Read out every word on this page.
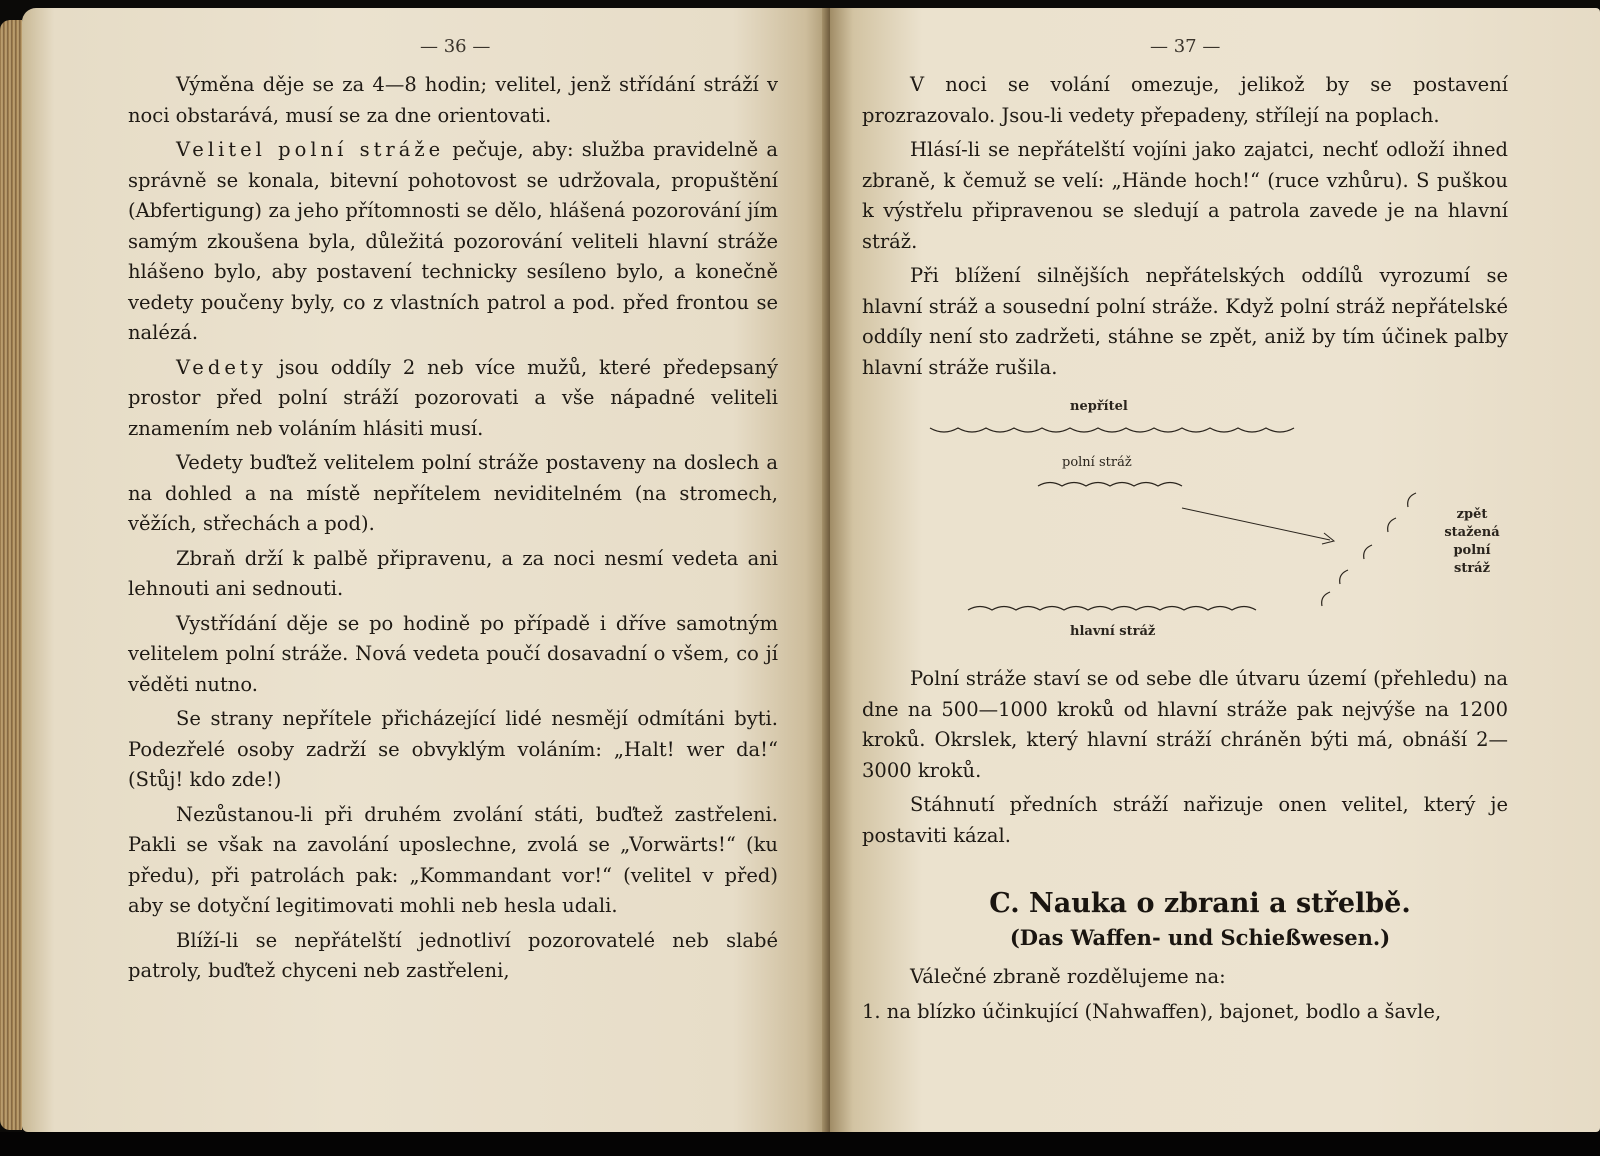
— 36 —

Výměna děje se za 4—8 hodin; velitel, jenž střídání stráží v noci obstarává, musí se za dne orientovati.

Velitel polní stráže pečuje, aby: služba pravidelně a správně se konala, bitevní pohotovost se udržovala, propuštění (Abfertigung) za jeho přítomnosti se dělo, hlášená pozorování jím samým zkoušena byla, důležitá pozorování veliteli hlavní stráže hlášeno bylo, aby postavení technicky sesíleno bylo, a konečně vedety poučeny byly, co z vlastních patrol a pod. před frontou se nalézá.

Vedety jsou oddíly 2 neb více mužů, které předepsaný prostor před polní stráží pozorovati a vše nápadné veliteli znamením neb voláním hlásiti musí.

Vedety buďtež velitelem polní stráže postaveny na doslech a na dohled a na místě nepřítelem neviditelném (na stromech, věžích, střechách a pod).

Zbraň drží k palbě připravenu, a za noci nesmí vedeta ani lehnouti ani sednouti.

Vystřídání děje se po hodině po případě i dříve samotným velitelem polní stráže. Nová vedeta poučí dosavadní o všem, co jí věděti nutno.

Se strany nepřítele přicházející lidé nesmějí odmítáni byti. Podezřelé osoby zadrží se obvyklým voláním: „Halt! wer da!“ (Stůj! kdo zde!)

Nezůstanou-li při druhém zvolání státi, buďtež zastřeleni. Pakli se však na zavolání uposlechne, zvolá se „Vorwärts!“ (ku předu), při patrolách pak: „Kommandant vor!“ (velitel v před) aby se dotyční legitimovati mohli neb hesla udali.

Blíží-li se nepřátelští jednotliví pozorovatelé neb slabé patroly, buďtež chyceni neb zastřeleni,

— 37 —

V noci se volání omezuje, jelikož by se postavení prozrazovalo. Jsou-li vedety přepadeny, střílejí na poplach.

Hlásí-li se nepřátelští vojíni jako zajatci, nechť odloží ihned zbraně, k čemuž se velí: „Hände hoch!“ (ruce vzhůru). S puškou k výstřelu připravenou se sledují a patrola zavede je na hlavní stráž.

Při blížení silnějších nepřátelských oddílů vyrozumí se hlavní stráž a sousední polní stráže. Když polní stráž nepřátelské oddíly není sto zadržeti, stáhne se zpět, aniž by tím účinek palby hlavní stráže rušila.

nepřítel
polní stráž
zpět
stažená
polní
stráž
hlavní stráž

Polní stráže staví se od sebe dle útvaru území (přehledu) na dne na 500—1000 kroků od hlavní stráže pak nejvýše na 1200 kroků. Okrslek, který hlavní stráží chráněn býti má, obnáší 2—3000 kroků.

Stáhnutí předních stráží nařizuje onen velitel, který je postaviti kázal.

C. Nauka o zbrani a střelbě.
(Das Waffen- und Schießwesen.)

Válečné zbraně rozdělujeme na:

1. na blízko účinkující (Nahwaffen), bajonet, bodlo a šavle,
